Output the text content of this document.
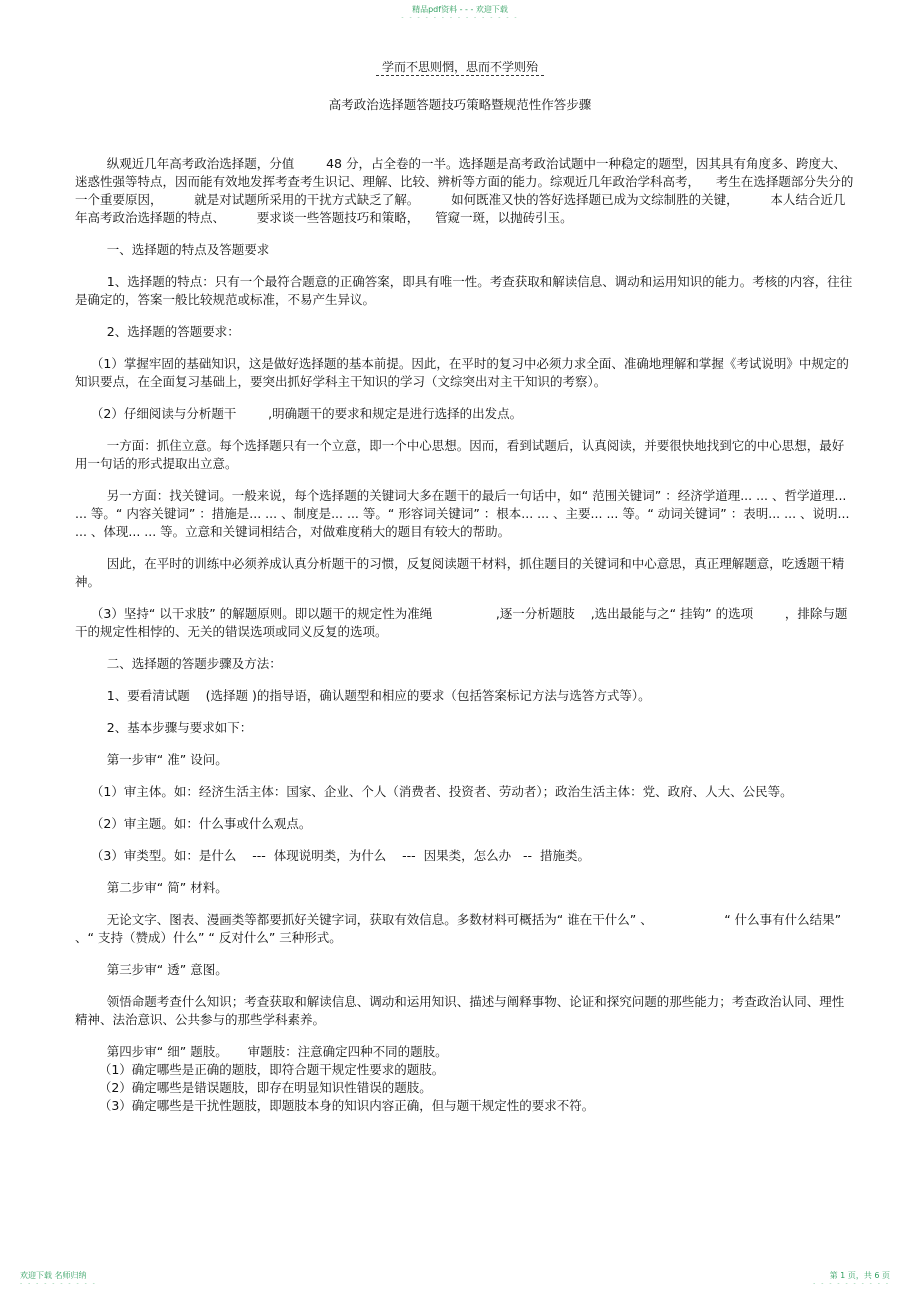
精品pdf资料 - - - 欢迎下载
- - - - - - - - - - - - - - -
学而不思则惘，思而不学则殆
高考政治选择题答题技巧策略暨规范性作答步骤

纵观近几年高考政治选择题，分值        48 分，占全卷的一半。选择题是高考政治试题中一种稳定的题型，因其具有角度多、跨度大、迷惑性强等特点，因而能有效地发挥考查考生识记、理解、比较、辨析等方面的能力。综观近几年政治学科高考，    考生在选择题部分失分的一个重要原因，        就是对试题所采用的干扰方式缺乏了解。        如何既准又快的答好选择题已成为文综制胜的关键，        本人结合近几年高考政治选择题的特点、        要求谈一些答题技巧和策略，    管窥一斑，以抛砖引玉。

一、选择题的特点及答题要求

1、选择题的特点：只有一个最符合题意的正确答案，即具有唯一性。考查获取和解读信息、调动和运用知识的能力。考核的内容，往往是确定的，答案一般比较规范或标准，不易产生异议。

2、选择题的答题要求：

（1）掌握牢固的基础知识，这是做好选择题的基本前提。因此，在平时的复习中必须力求全面、准确地理解和掌握《考试说明》中规定的知识要点，在全面复习基础上，要突出抓好学科主干知识的学习（文综突出对主干知识的考察）。

（2）仔细阅读与分析题干        ,明确题干的要求和规定是进行选择的出发点。

一方面：抓住立意。每个选择题只有一个立意，即一个中心思想。因而，看到试题后，认真阅读，并要很快地找到它的中心思想，最好用一句话的形式提取出立意。

另一方面：找关键词。一般来说，每个选择题的关键词大多在题干的最后一句话中，如“ 范围关键词” ：经济学道理... ... 、哲学道理... ... 等。“ 内容关键词” ：措施是... ... 、制度是... ... 等。“ 形容词关键词” ：根本... ... 、主要... ... 等。“ 动词关键词” ：表明... ... 、说明... ... 、体现... ... 等。立意和关键词相结合，对做难度稍大的题目有较大的帮助。

因此，在平时的训练中必须养成认真分析题干的习惯，反复阅读题干材料，抓住题目的关键词和中心意思，真正理解题意，吃透题干精神。

（3）坚持“ 以干求肢” 的解题原则。即以题干的规定性为准绳                ,逐一分析题肢    ,选出最能与之“ 挂钩” 的选项        ，排除与题干的规定性相悖的、无关的错误选项或同义反复的选项。

二、选择题的答题步骤及方法：

1、要看清试题    (选择题 )的指导语，确认题型和相应的要求（包括答案标记方法与选答方式等）。

2、基本步骤与要求如下：

第一步审“ 准” 设问。

（1）审主体。如：经济生活主体：国家、企业、个人（消费者、投资者、劳动者）；政治生活主体：党、政府、人大、公民等。

（2）审主题。如：什么事或什么观点。

（3）审类型。如：是什么    ---  体现说明类，为什么    ---  因果类，怎么办   --  措施类。

第二步审“ 简” 材料。

无论文字、图表、漫画类等都要抓好关键字词，获取有效信息。多数材料可概括为“ 谁在干什么” 、                  “ 什么事有什么结果” 、“ 支持（赞成）什么” “ 反对什么” 三种形式。

第三步审“ 透” 意图。

领悟命题考查什么知识；考查获取和解读信息、调动和运用知识、描述与阐释事物、论证和探究问题的那些能力；考查政治认同、理性精神、法治意识、公共参与的那些学科素养。

第四步审“ 细” 题肢。     审题肢：注意确定四种不同的题肢。

（1）确定哪些是正确的题肢，即符合题干规定性要求的题肢。

（2）确定哪些是错误题肢，即存在明显知识性错误的题肢。

（3）确定哪些是干扰性题肢，即题肢本身的知识内容正确，但与题干规定性的要求不符。

欢迎下载 名师归纳	第 1 页，共 6 页
- - - - - - - - - -	- - - - - - - - - -
